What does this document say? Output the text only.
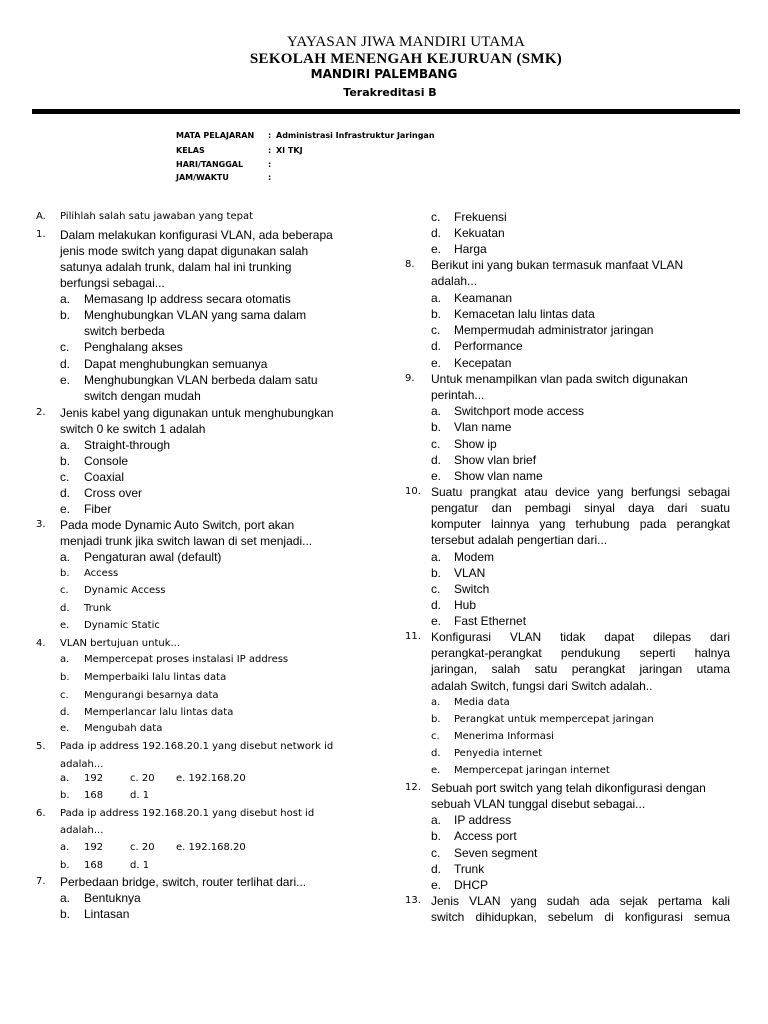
YAYASAN JIWA MANDIRI UTAMA
SEKOLAH MENENGAH KEJURUAN (SMK)
MANDIRI PALEMBANG
Terakreditasi B
MATA PELAJARAN : Administrasi Infrastruktur Jaringan
KELAS	: XI TKJ
HARI/TANGGAL	:
JAM/WAKTU	:
A. Pilihlah salah satu jawaban yang tepat
1. Dalam melakukan konfigurasi VLAN, ada beberapa
jenis mode switch yang dapat digunakan salah
satunya adalah trunk, dalam hal ini trunking
berfungsi sebagai...
a. Memasang Ip address secara otomatis
b. Menghubungkan VLAN yang sama dalam
switch berbeda
c. Penghalang akses
d. Dapat menghubungkan semuanya
e. Menghubungkan VLAN berbeda dalam satu
switch dengan mudah
2. Jenis kabel yang digunakan untuk menghubungkan
switch 0 ke switch 1 adalah
a. Straight-through
b. Console
c. Coaxial
d. Cross over
e. Fiber
3. Pada mode Dynamic Auto Switch, port akan
menjadi trunk jika switch lawan di set menjadi...
a. Pengaturan awal (default)
b. Access
c. Dynamic Access
d. Trunk
e. Dynamic Static
4. VLAN bertujuan untuk...
a. Mempercepat proses instalasi IP address
b. Memperbaiki lalu lintas data
c. Mengurangi besarnya data
d. Memperlancar lalu lintas data
e. Mengubah data
5. Pada ip address 192.168.20.1 yang disebut network id
adalah...
a. 192	c. 20 e. 192.168.20
b. 168	d. 1
6. Pada ip address 192.168.20.1 yang disebut host id
adalah...
a. 192	c. 20 e. 192.168.20
b. 168	d. 1
7. Perbedaan bridge, switch, router terlihat dari...
a. Bentuknya
b. Lintasan
c. Frekuensi
d. Kekuatan
e. Harga
8. Berikut ini yang bukan termasuk manfaat VLAN
adalah...
a. Keamanan
b. Kemacetan lalu lintas data
c. Mempermudah administrator jaringan
d. Performance
e. Kecepatan
9. Untuk menampilkan vlan pada switch digunakan
perintah...
a. Switchport mode access
b. Vlan name
c. Show ip
d. Show vlan brief
e. Show vlan name
10. Suatu prangkat atau device yang berfungsi sebagai
pengatur dan pembagi sinyal daya dari suatu
komputer lainnya yang terhubung pada perangkat
tersebut adalah pengertian dari...
a. Modem
b. VLAN
c. Switch
d. Hub
e. Fast Ethernet
11. Konfigurasi VLAN tidak dapat dilepas dari
perangkat-perangkat pendukung seperti halnya
jaringan, salah satu perangkat jaringan utama
adalah Switch, fungsi dari Switch adalah..
a. Media data
b. Perangkat untuk mempercepat jaringan
c. Menerima Informasi
d. Penyedia internet
e. Mempercepat jaringan internet
12. Sebuah port switch yang telah dikonfigurasi dengan
sebuah VLAN tunggal disebut sebagai...
a. IP address
b. Access port
c. Seven segment
d. Trunk
e. DHCP
13. Jenis VLAN yang sudah ada sejak pertama kali
switch dihidupkan, sebelum di konfigurasi semua
